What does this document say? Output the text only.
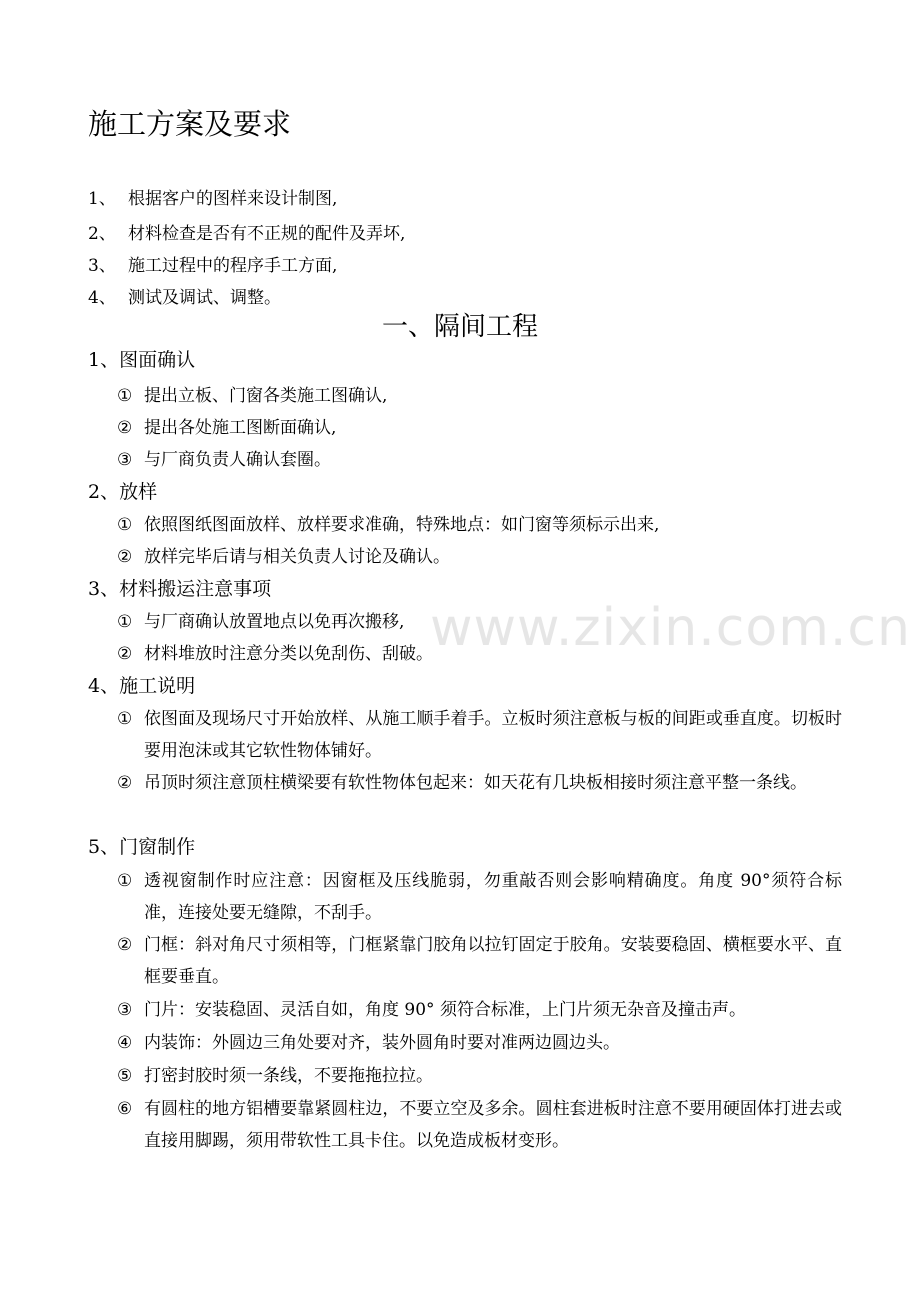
www.zixin.com.cn
施工方案及要求
1、 根据客户的图样来设计制图,
2、 材料检查是否有不正规的配件及弄坏,
3、 施工过程中的程序手工方面,
4、 测试及调试、调整。
一、隔间工程
1、图面确认
① 提出立板、门窗各类施工图确认,
② 提出各处施工图断面确认,
③ 与厂商负责人确认套圈。
2、放样
① 依照图纸图面放样、放样要求准确，特殊地点：如门窗等须标示出来,
② 放样完毕后请与相关负责人讨论及确认。
3、材料搬运注意事项
① 与厂商确认放置地点以免再次搬移,
② 材料堆放时注意分类以免刮伤、刮破。
4、施工说明
① 依图面及现场尺寸开始放样、从施工顺手着手。立板时须注意板与板的间距或垂直度。切板时要用泡沫或其它软性物体铺好。
② 吊顶时须注意顶柱横梁要有软性物体包起来：如天花有几块板相接时须注意平整一条线。
5、门窗制作
① 透视窗制作时应注意：因窗框及压线脆弱，勿重敲否则会影响精确度。角度 90°须符合标准，连接处要无缝隙，不刮手。
② 门框：斜对角尺寸须相等，门框紧靠门胶角以拉钉固定于胶角。安装要稳固、横框要水平、直框要垂直。
③ 门片：安装稳固、灵活自如，角度 90° 须符合标准，上门片须无杂音及撞击声。
④ 内装饰：外圆边三角处要对齐，装外圆角时要对准两边圆边头。
⑤ 打密封胶时须一条线，不要拖拖拉拉。
⑥ 有圆柱的地方铝槽要靠紧圆柱边，不要立空及多余。圆柱套进板时注意不要用硬固体打进去或直接用脚踢，须用带软性工具卡住。以免造成板材变形。
